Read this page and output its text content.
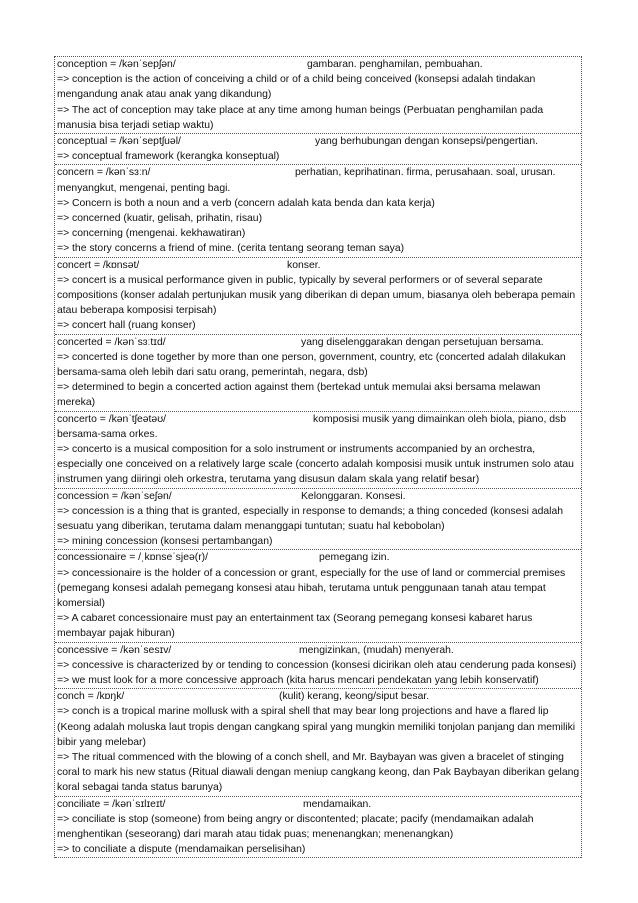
conception = /kənˈsepʃən/	gambaran. penghamilan, pembuahan.

=> conception is the action of conceiving a child or of a child being conceived (konsepsi adalah tindakan mengandung anak atau anak yang dikandung)

=> The act of conception may take place at any time among human beings (Perbuatan penghamilan pada manusia bisa terjadi setiap waktu)

conceptual = /kənˈseptʃuəl/	yang berhubungan dengan konsepsi/pengertian.

=> conceptual framework (kerangka konseptual)

concern = /kənˈsɜːn/	perhatian, keprihatinan. firma, perusahaan. soal, urusan. menyangkut, mengenai, penting bagi.

=> Concern is both a noun and a verb (concern adalah kata benda dan kata kerja)

=> concerned (kuatir, gelisah, prihatin, risau)

=> concerning (mengenai. kekhawatiran)

=> the story concerns a friend of mine. (cerita tentang seorang teman saya)

concert = /kɒnsət/	konser.

=> concert is a musical performance given in public, typically by several performers or of several separate compositions (konser adalah pertunjukan musik yang diberikan di depan umum, biasanya oleh beberapa pemain atau beberapa komposisi terpisah)

=> concert hall (ruang konser)

concerted = /kənˈsɜːtɪd/	yang diselenggarakan dengan persetujuan bersama.

=> concerted is done together by more than one person, government, country, etc (concerted adalah dilakukan bersama-sama oleh lebih dari satu orang, pemerintah, negara, dsb)

=> determined to begin a concerted action against them (bertekad untuk memulai aksi bersama melawan mereka)

concerto = /kənˈtʃeətəʊ/	komposisi musik yang dimainkan oleh biola, piano, dsb bersama-sama orkes.

=> concerto is a musical composition for a solo instrument or instruments accompanied by an orchestra, especially one conceived on a relatively large scale (concerto adalah komposisi musik untuk instrumen solo atau instrumen yang diiringi oleh orkestra, terutama yang disusun dalam skala yang relatif besar)

concession = /kənˈseʃən/	Kelonggaran. Konsesi.

=> concession is a thing that is granted, especially in response to demands; a thing conceded (konsesi adalah sesuatu yang diberikan, terutama dalam menanggapi tuntutan; suatu hal kebobolan)

=> mining concession (konsesi pertambangan)

concessionaire = /ˌkɒnseˈsjeə(r)/	pemegang izin.

=> concessionaire is the holder of a concession or grant, especially for the use of land or commercial premises (pemegang konsesi adalah pemegang konsesi atau hibah, terutama untuk penggunaan tanah atau tempat komersial)

=> A cabaret concessionaire must pay an entertainment tax (Seorang pemegang konsesi kabaret harus membayar pajak hiburan)

concessive = /kənˈsesɪv/	mengizinkan, (mudah) menyerah.

=> concessive is characterized by or tending to concession (konsesi dicirikan oleh atau cenderung pada konsesi)

=> we must look for a more concessive approach (kita harus mencari pendekatan yang lebih konservatif)

conch = /kɒŋk/	(kulit) kerang, keong/siput besar.

=> conch is a tropical marine mollusk with a spiral shell that may bear long projections and have a flared lip (Keong adalah moluska laut tropis dengan cangkang spiral yang mungkin memiliki tonjolan panjang dan memiliki bibir yang melebar)

=> The ritual commenced with the blowing of a conch shell, and Mr. Baybayan was given a bracelet of stinging coral to mark his new status (Ritual diawali dengan meniup cangkang keong, dan Pak Baybayan diberikan gelang koral sebagai tanda status barunya)

conciliate = /kənˈsɪlɪeɪt/	mendamaikan.

=> conciliate is stop (someone) from being angry or discontented; placate; pacify (mendamaikan adalah menghentikan (seseorang) dari marah atau tidak puas; menenangkan; menenangkan)

=> to conciliate a dispute (mendamaikan perselisihan)
